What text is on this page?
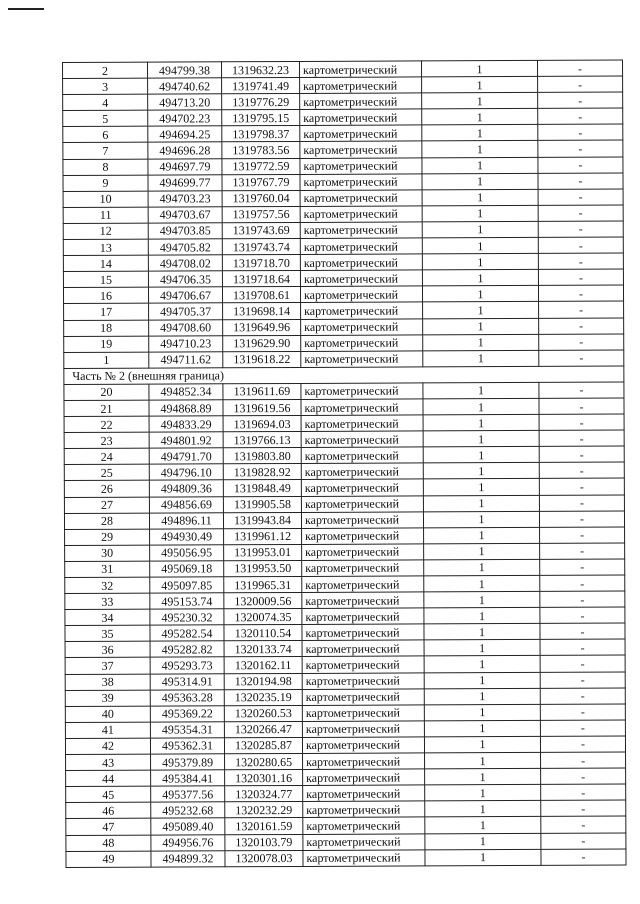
2	494799.38	1319632.23	картометрический	1	-
3	494740.62	1319741.49	картометрический	1	-
4	494713.20	1319776.29	картометрический	1	-
5	494702.23	1319795.15	картометрический	1	-
6	494694.25	1319798.37	картометрический	1	-
7	494696.28	1319783.56	картометрический	1	-
8	494697.79	1319772.59	картометрический	1	-
9	494699.77	1319767.79	картометрический	1	-
10	494703.23	1319760.04	картометрический	1	-
11	494703.67	1319757.56	картометрический	1	-
12	494703.85	1319743.69	картометрический	1	-
13	494705.82	1319743.74	картометрический	1	-
14	494708.02	1319718.70	картометрический	1	-
15	494706.35	1319718.64	картометрический	1	-
16	494706.67	1319708.61	картометрический	1	-
17	494705.37	1319698.14	картометрический	1	-
18	494708.60	1319649.96	картометрический	1	-
19	494710.23	1319629.90	картометрический	1	-
1	494711.62	1319618.22	картометрический	1	-
Часть № 2 (внешняя граница)					
20	494852.34	1319611.69	картометрический	1	-
21	494868.89	1319619.56	картометрический	1	-
22	494833.29	1319694.03	картометрический	1	-
23	494801.92	1319766.13	картометрический	1	-
24	494791.70	1319803.80	картометрический	1	-
25	494796.10	1319828.92	картометрический	1	-
26	494809.36	1319848.49	картометрический	1	-
27	494856.69	1319905.58	картометрический	1	-
28	494896.11	1319943.84	картометрический	1	-
29	494930.49	1319961.12	картометрический	1	-
30	495056.95	1319953.01	картометрический	1	-
31	495069.18	1319953.50	картометрический	1	-
32	495097.85	1319965.31	картометрический	1	-
33	495153.74	1320009.56	картометрический	1	-
34	495230.32	1320074.35	картометрический	1	-
35	495282.54	1320110.54	картометрический	1	-
36	495282.82	1320133.74	картометрический	1	-
37	495293.73	1320162.11	картометрический	1	-
38	495314.91	1320194.98	картометрический	1	-
39	495363.28	1320235.19	картометрический	1	-
40	495369.22	1320260.53	картометрический	1	-
41	495354.31	1320266.47	картометрический	1	-
42	495362.31	1320285.87	картометрический	1	-
43	495379.89	1320280.65	картометрический	1	-
44	495384.41	1320301.16	картометрический	1	-
45	495377.56	1320324.77	картометрический	1	-
46	495232.68	1320232.29	картометрический	1	-
47	495089.40	1320161.59	картометрический	1	-
48	494956.76	1320103.79	картометрический	1	-
49	494899.32	1320078.03	картометрический	1	-
